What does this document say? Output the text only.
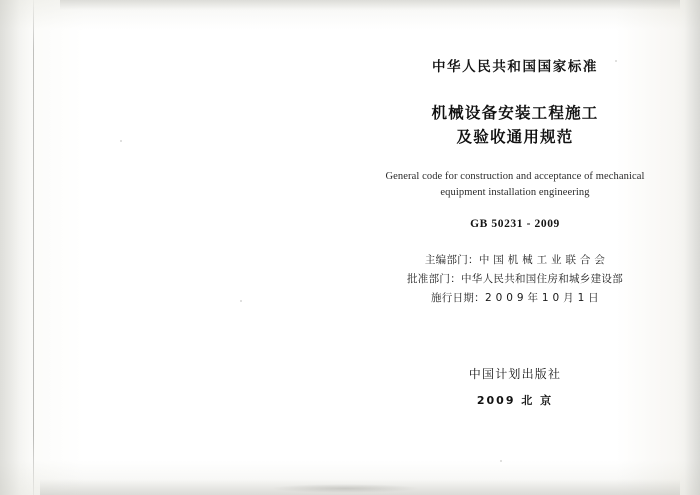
中华人民共和国国家标准
机械设备安装工程施工
及验收通用规范
General code for construction and acceptance of mechanical
equipment installation engineering
GB 50231 - 2009
主编部门：中 国 机 械 工 业 联 合 会
批准部门：中华人民共和国住房和城乡建设部
施行日期：2 0 0 9 年 1 0 月 1 日
中国计划出版社
2009 北 京
